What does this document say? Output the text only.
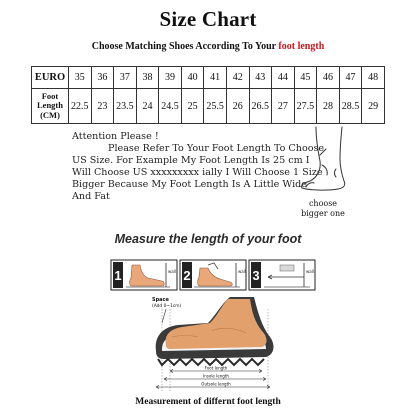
Size Chart
Choose Matching Shoes According To Your foot length
EURO	35	36	37	38	39	40	41	42	43	44	45	46	47	48
Foot
Length
(CM)	22.5	23	23.5	24	24.5	25	25.5	26	26.5	27	27.5	28	28.5	29

Attention Please !

Please Refer To Your Foot Length To Choose

US Size. For Example My Foot Length Is 25 cm I

Will Choose US xxxxxxxxx ially I Will Choose 1 Size

Bigger Because My Foot Length Is A Little Wide

And Fat

choose
bigger one
Measure the length of your foot
1	wall 2	wall 3	wall
Space
(Add 0~1cm)
Foot length
Insole length
Outsole length
Measurement of differnt foot length
